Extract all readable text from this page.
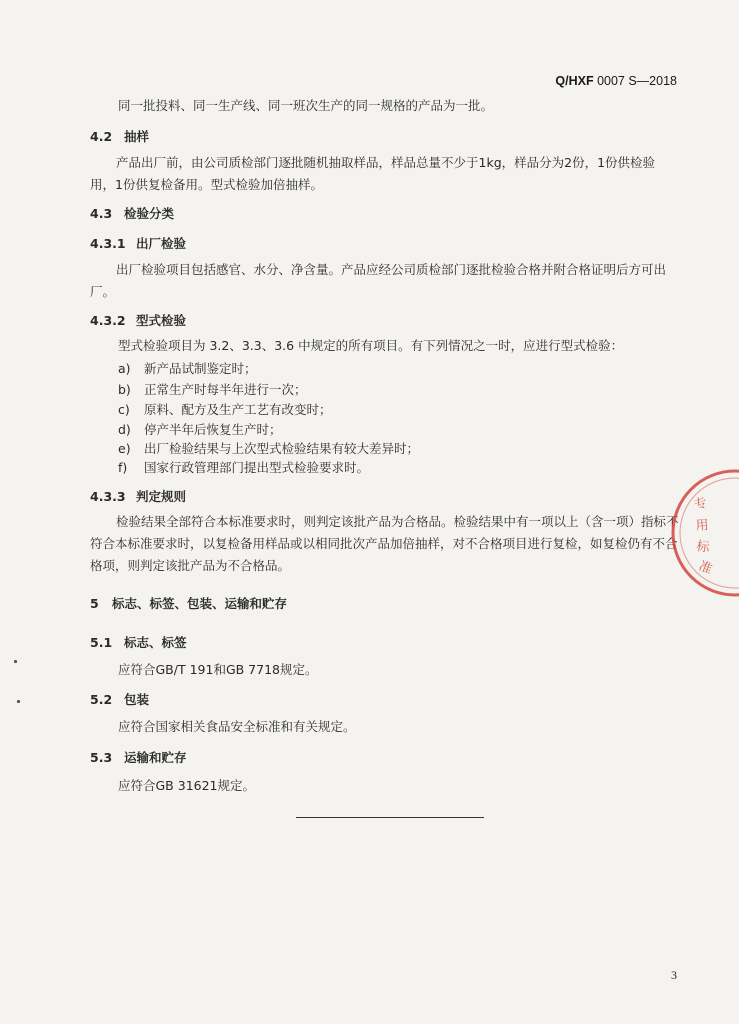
Q/HXF 0007 S—2018
同一批投料、同一生产线、同一班次生产的同一规格的产品为一批。
4.2 抽样
产品出厂前，由公司质检部门逐批随机抽取样品，样品总量不少于1kg，样品分为2份，1份供检验用，1份供复检备用。型式检验加倍抽样。
4.3 检验分类
4.3.1 出厂检验
出厂检验项目包括感官、水分、净含量。产品应经公司质检部门逐批检验合格并附合格证明后方可出厂。
4.3.2 型式检验
型式检验项目为 3.2、3.3、3.6 中规定的所有项目。有下列情况之一时，应进行型式检验：
a) 新产品试制鉴定时；
b) 正常生产时每半年进行一次；
c) 原料、配方及生产工艺有改变时；
d) 停产半年后恢复生产时；
e) 出厂检验结果与上次型式检验结果有较大差异时；
f) 国家行政管理部门提出型式检验要求时。
4.3.3 判定规则
检验结果全部符合本标准要求时，则判定该批产品为合格品。检验结果中有一项以上（含一项）指标不符合本标准要求时，以复检备用样品或以相同批次产品加倍抽样，对不合格项目进行复检，如复检仍有不合格项，则判定该批产品为不合格品。
5 标志、标签、包装、运输和贮存
5.1 标志、标签
应符合GB/T 191和GB 7718规定。
5.2 包装
应符合国家相关食品安全标准和有关规定。
5.3 运输和贮存
应符合GB 31621规定。
3
专
用
标
准
